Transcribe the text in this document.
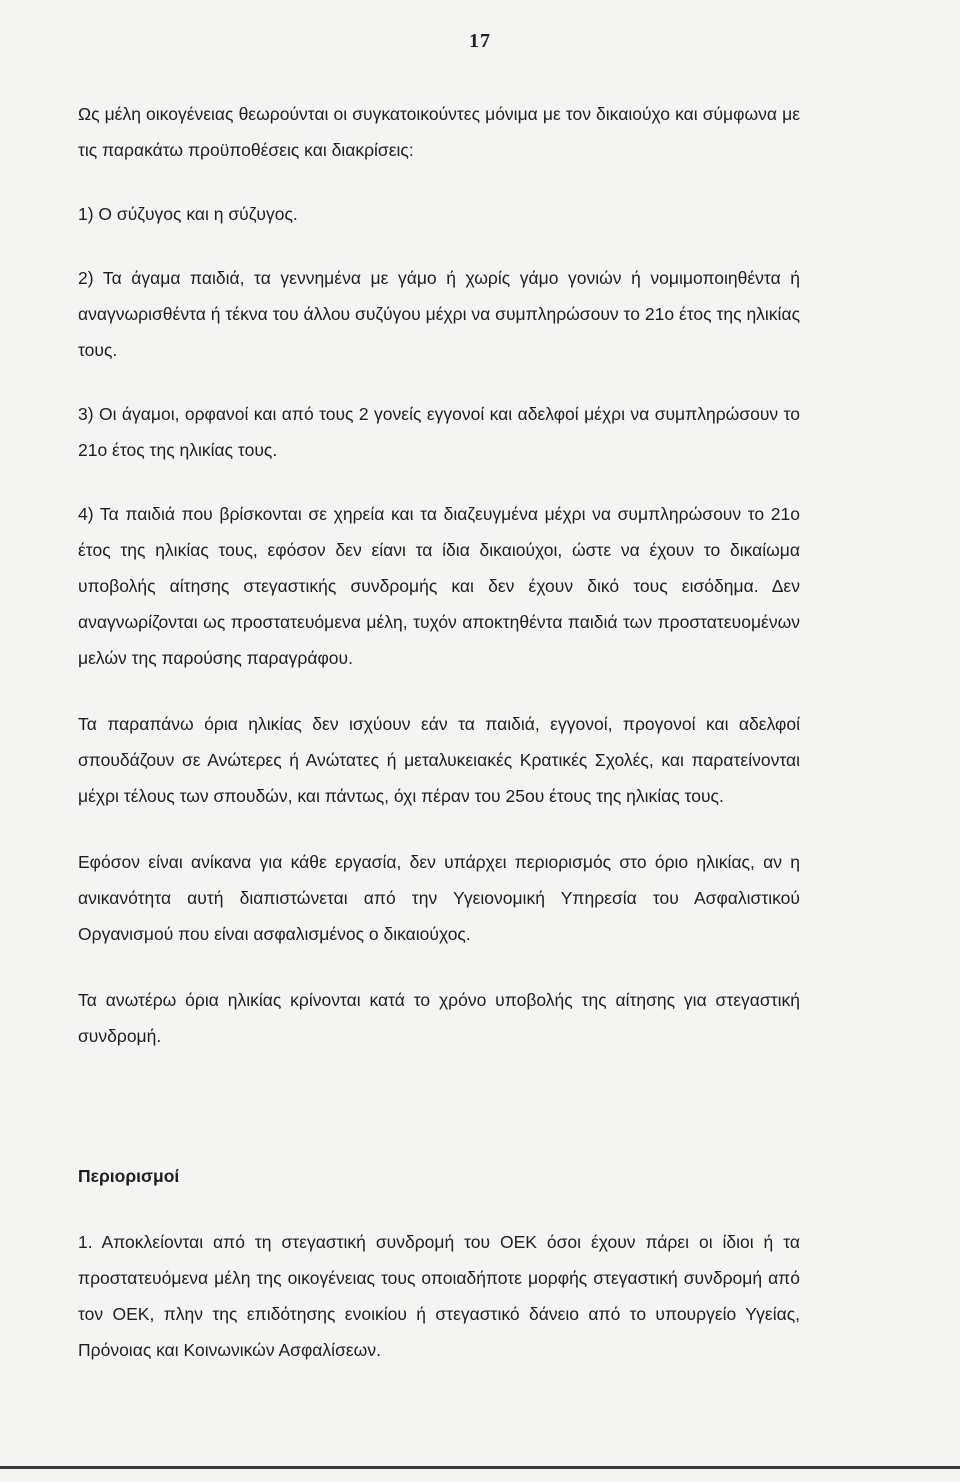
17

Ως μέλη οικογένειας θεωρούνται οι συγκατοικούντες μόνιμα με τον δικαιούχο και σύμφωνα με τις παρακάτω προϋποθέσεις και διακρίσεις:

1) Ο σύζυγος και η σύζυγος.

2) Τα άγαμα παιδιά, τα γεννημένα με γάμο ή χωρίς γάμο γονιών ή νομιμοποιηθέντα ή αναγνωρισθέντα ή τέκνα του άλλου συζύγου μέχρι να συμπληρώσουν το 21ο έτος της ηλικίας τους.

3) Οι άγαμοι, ορφανοί και από τους 2 γονείς εγγονοί και αδελφοί μέχρι να συμπληρώσουν το 21ο έτος της ηλικίας τους.

4) Τα παιδιά που βρίσκονται σε χηρεία και τα διαζευγμένα μέχρι να συμπληρώσουν το 21ο έτος της ηλικίας τους, εφόσον δεν είανι τα ίδια δικαιούχοι, ώστε να έχουν το δικαίωμα υποβολής αίτησης στεγαστικής συνδρομής και δεν έχουν δικό τους εισόδημα. Δεν αναγνωρίζονται ως προστατευόμενα μέλη, τυχόν αποκτηθέντα παιδιά των προστατευομένων μελών της παρούσης παραγράφου.

Τα παραπάνω όρια ηλικίας δεν ισχύουν εάν τα παιδιά, εγγονοί, προγονοί και αδελφοί σπουδάζουν σε Ανώτερες ή Ανώτατες ή μεταλυκειακές Κρατικές Σχολές, και παρατείνονται μέχρι τέλους των σπουδών, και πάντως, όχι πέραν του 25ου έτους της ηλικίας τους.

Εφόσον είναι ανίκανα για κάθε εργασία, δεν υπάρχει περιορισμός στο όριο ηλικίας, αν η ανικανότητα αυτή διαπιστώνεται από την Υγειονομική Υπηρεσία του Ασφαλιστικού Οργανισμού που είναι ασφαλισμένος ο δικαιούχος.

Τα ανωτέρω όρια ηλικίας κρίνονται κατά το χρόνο υποβολής της αίτησης για στεγαστική συνδρομή.

Περιορισμοί

1. Αποκλείονται από τη στεγαστική συνδρομή του ΟΕΚ όσοι έχουν πάρει οι ίδιοι ή τα προστατευόμενα μέλη της οικογένειας τους οποιαδήποτε μορφής στεγαστική συνδρομή από τον ΟΕΚ, πλην της επιδότησης ενοικίου ή στεγαστικό δάνειο από το υπουργείο Υγείας, Πρόνοιας και Κοινωνικών Ασφαλίσεων.
